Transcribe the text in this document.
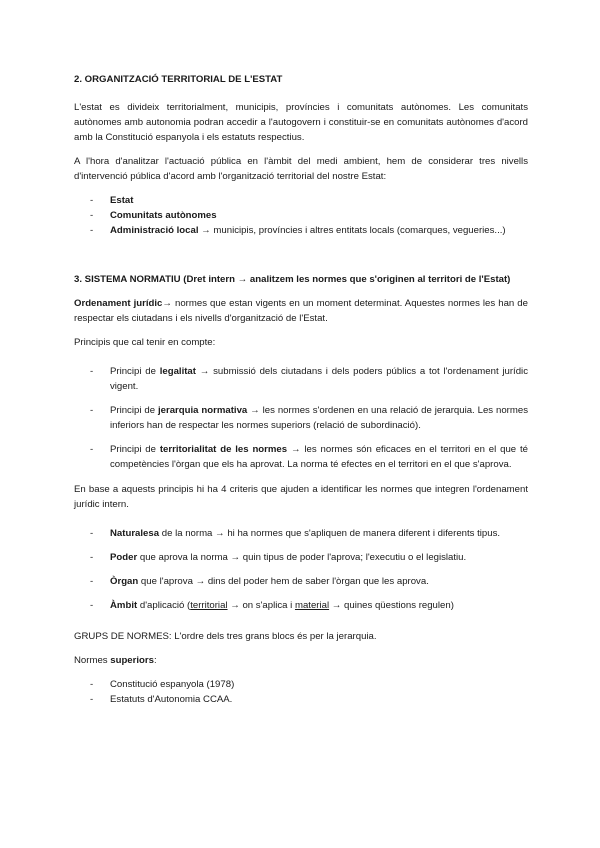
2. ORGANITZACIÓ TERRITORIAL DE L'ESTAT

L'estat es divideix territorialment, municipis, províncies i comunitats autònomes. Les comunitats autònomes amb autonomia podran accedir a l'autogovern i constituir-se en comunitats autònomes d'acord amb la Constitució espanyola i els estatuts respectius.

A l'hora d'analitzar l'actuació pública en l'àmbit del medi ambient, hem de considerar tres nivells d'intervenció pública d'acord amb l'organització territorial del nostre Estat:

- Estat
- Comunitats autònomes
- Administració local → municipis, províncies i altres entitats locals (comarques, vegueries...)
3. SISTEMA NORMATIU (Dret intern → analitzem les normes que s'originen al territori de l'Estat)

Ordenament jurídic→ normes que estan vigents en un moment determinat. Aquestes normes les han de respectar els ciutadans i els nivells d'organització de l'Estat.

Principis que cal tenir en compte:

- Principi de legalitat → submissió dels ciutadans i dels poders públics a tot l'ordenament jurídic vigent.
- Principi de jerarquia normativa → les normes s'ordenen en una relació de jerarquia. Les normes inferiors han de respectar les normes superiors (relació de subordinació).
- Principi de territorialitat de les normes → les normes són eficaces en el territori en el que té competències l'òrgan que els ha aprovat. La norma té efectes en el territori en el que s'aprova.

En base a aquests principis hi ha 4 criteris que ajuden a identificar les normes que integren l'ordenament jurídic intern.

- Naturalesa de la norma → hi ha normes que s'apliquen de manera diferent i diferents tipus.
- Poder que aprova la norma → quin tipus de poder l'aprova; l'executiu o el legislatiu.
- Òrgan que l'aprova → dins del poder hem de saber l'òrgan que les aprova.
- Àmbit d'aplicació (territorial → on s'aplica i material → quines qüestions regulen)

GRUPS DE NORMES: L'ordre dels tres grans blocs és per la jerarquia.

Normes superiors:

- Constitució espanyola (1978)
- Estatuts d'Autonomia CCAA.
